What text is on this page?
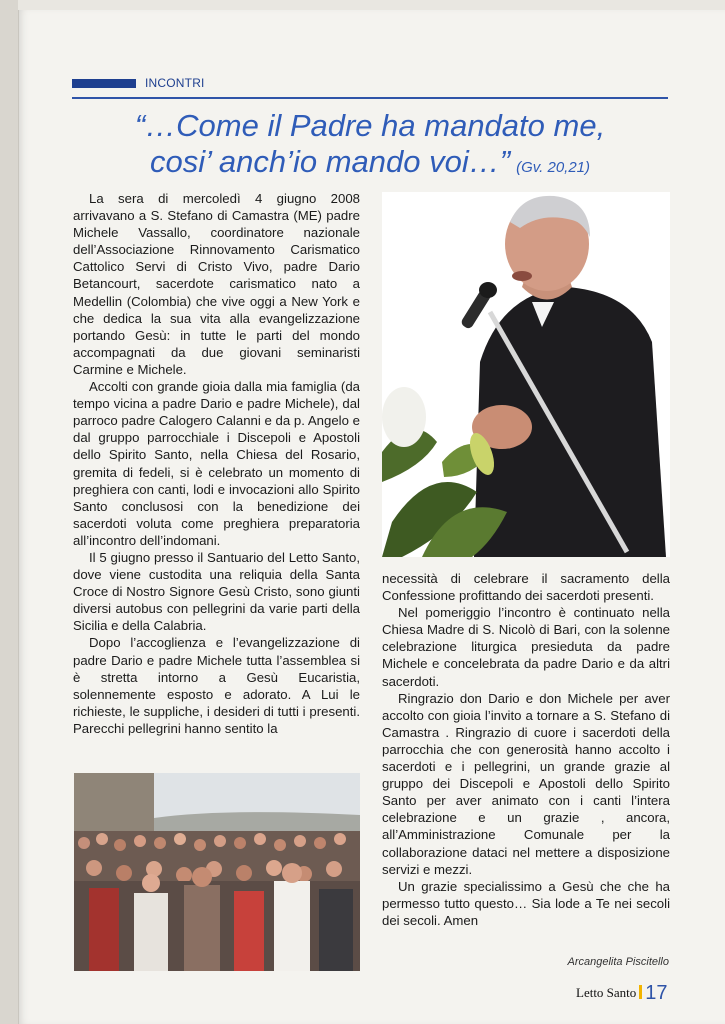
INCONTRI
“…Come il Padre ha mandato me,
cosi’ anch’io mando voi…” (Gv. 20,21)

La sera di mercoledì 4 giugno 2008 arrivavano a S. Stefano di Camastra (ME) padre Michele Vassallo, coordinatore nazionale dell’Associazione Rinnovamento Carismatico Cattolico Servi di Cristo Vivo, padre Dario Betancourt, sacerdote carismatico nato a Medellin (Colombia) che vive oggi a New York e che dedica la sua vita alla evangelizzazione portando Gesù: in tutte le parti del mondo accompagnati da due giovani seminaristi Carmine e Michele.

Accolti con grande gioia dalla mia famiglia (da tempo vicina a padre Dario e padre Michele), dal parroco padre Calogero Calanni e da p. Angelo e dal gruppo parrocchiale i Discepoli e Apostoli dello Spirito Santo, nella Chiesa del Rosario, gremita di fedeli, si è celebrato un momento di preghiera con canti, lodi e invocazioni allo Spirito Santo conclusosi con la benedizione dei sacerdoti voluta come preghiera preparatoria all’incontro dell’indomani.

Il 5 giugno presso il Santuario del Letto Santo, dove viene custodita una reliquia della Santa Croce di Nostro Signore Gesù Cristo, sono giunti diversi autobus con pellegrini da varie parti della Sicilia e della Calabria.

Dopo l’accoglienza e l’evangelizzazione di padre Dario e padre Michele tutta l’assemblea si è stretta intorno a Gesù Eucaristia, solennemente esposto e adorato. A Lui le richieste, le suppliche, i desideri di tutti i presenti. Parecchi pellegrini hanno sentito la

necessità di celebrare il sacramento della Confessione profittando dei sacerdoti presenti.

Nel pomeriggio l’incontro è continuato nella Chiesa Madre di S. Nicolò di Bari, con la solenne celebrazione liturgica presieduta da padre Michele e concelebrata da padre Dario e da altri sacerdoti.

Ringrazio don Dario e don Michele per aver accolto con gioia l’invito a tornare a S. Stefano di Camastra . Ringrazio di cuore i sacerdoti della parrocchia che con generosità hanno accolto i sacerdoti e i pellegrini, un grande grazie al gruppo dei Discepoli e Apostoli dello Spirito Santo per aver animato con i canti l’intera celebrazione e un grazie , ancora, all’Amministrazione Comunale per la collaborazione dataci nel mettere a disposizione servizi e mezzi.

Un grazie specialissimo a Gesù che che ha permesso tutto questo… Sia lode a Te nei secoli dei secoli. Amen

Arcangelita Piscitello
Letto Santo 17
